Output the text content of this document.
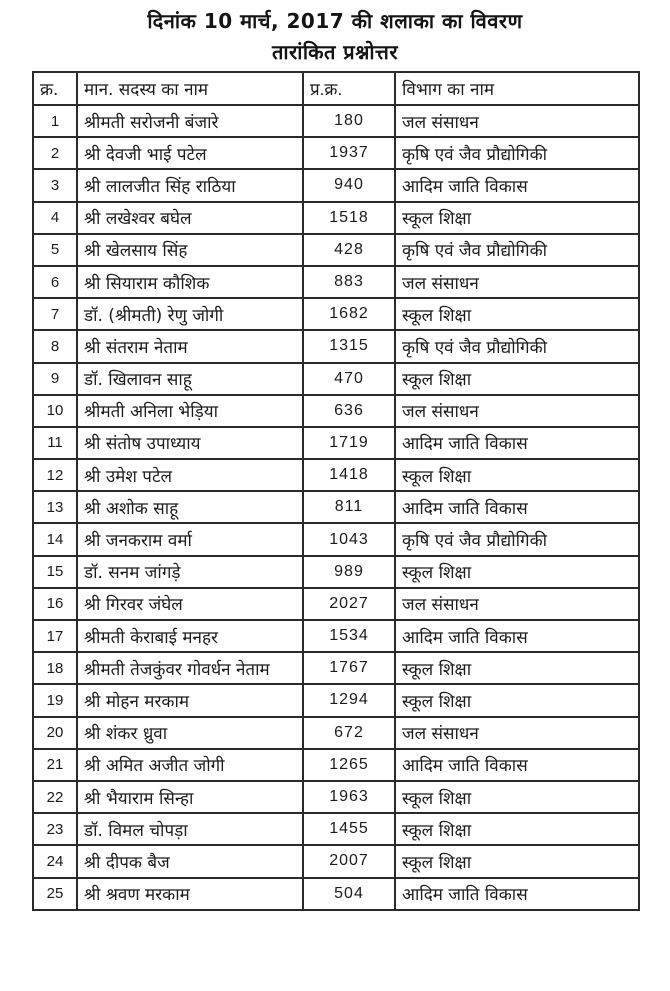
दिनांक 10 मार्च, 2017 की शलाका का विवरण
तारांकित प्रश्नोत्तर
क्र.	मान. सदस्य का नाम	प्र.क्र.	विभाग का नाम
1	श्रीमती सरोजनी बंजारे	180	जल संसाधन
2	श्री देवजी भाई पटेल	1937	कृषि एवं जैव प्रौद्योगिकी
3	श्री लालजीत सिंह राठिया	940	आदिम जाति विकास
4	श्री लखेश्वर बघेल	1518	स्कूल शिक्षा
5	श्री खेलसाय सिंह	428	कृषि एवं जैव प्रौद्योगिकी
6	श्री सियाराम कौशिक	883	जल संसाधन
7	डॉ. (श्रीमती) रेणु जोगी	1682	स्कूल शिक्षा
8	श्री संतराम नेताम	1315	कृषि एवं जैव प्रौद्योगिकी
9	डॉ. खिलावन साहू	470	स्कूल शिक्षा
10	श्रीमती अनिला भेड़िया	636	जल संसाधन
11	श्री संतोष उपाध्याय	1719	आदिम जाति विकास
12	श्री उमेश पटेल	1418	स्कूल शिक्षा
13	श्री अशोक साहू	811	आदिम जाति विकास
14	श्री जनकराम वर्मा	1043	कृषि एवं जैव प्रौद्योगिकी
15	डॉ. सनम जांगड़े	989	स्कूल शिक्षा
16	श्री गिरवर जंघेल	2027	जल संसाधन
17	श्रीमती केराबाई मनहर	1534	आदिम जाति विकास
18	श्रीमती तेजकुंवर गोवर्धन नेताम	1767	स्कूल शिक्षा
19	श्री मोहन मरकाम	1294	स्कूल शिक्षा
20	श्री शंकर ध्रुवा	672	जल संसाधन
21	श्री अमित अजीत जोगी	1265	आदिम जाति विकास
22	श्री भैयाराम सिन्हा	1963	स्कूल शिक्षा
23	डॉ. विमल चोपड़ा	1455	स्कूल शिक्षा
24	श्री दीपक बैज	2007	स्कूल शिक्षा
25	श्री श्रवण मरकाम	504	आदिम जाति विकास
